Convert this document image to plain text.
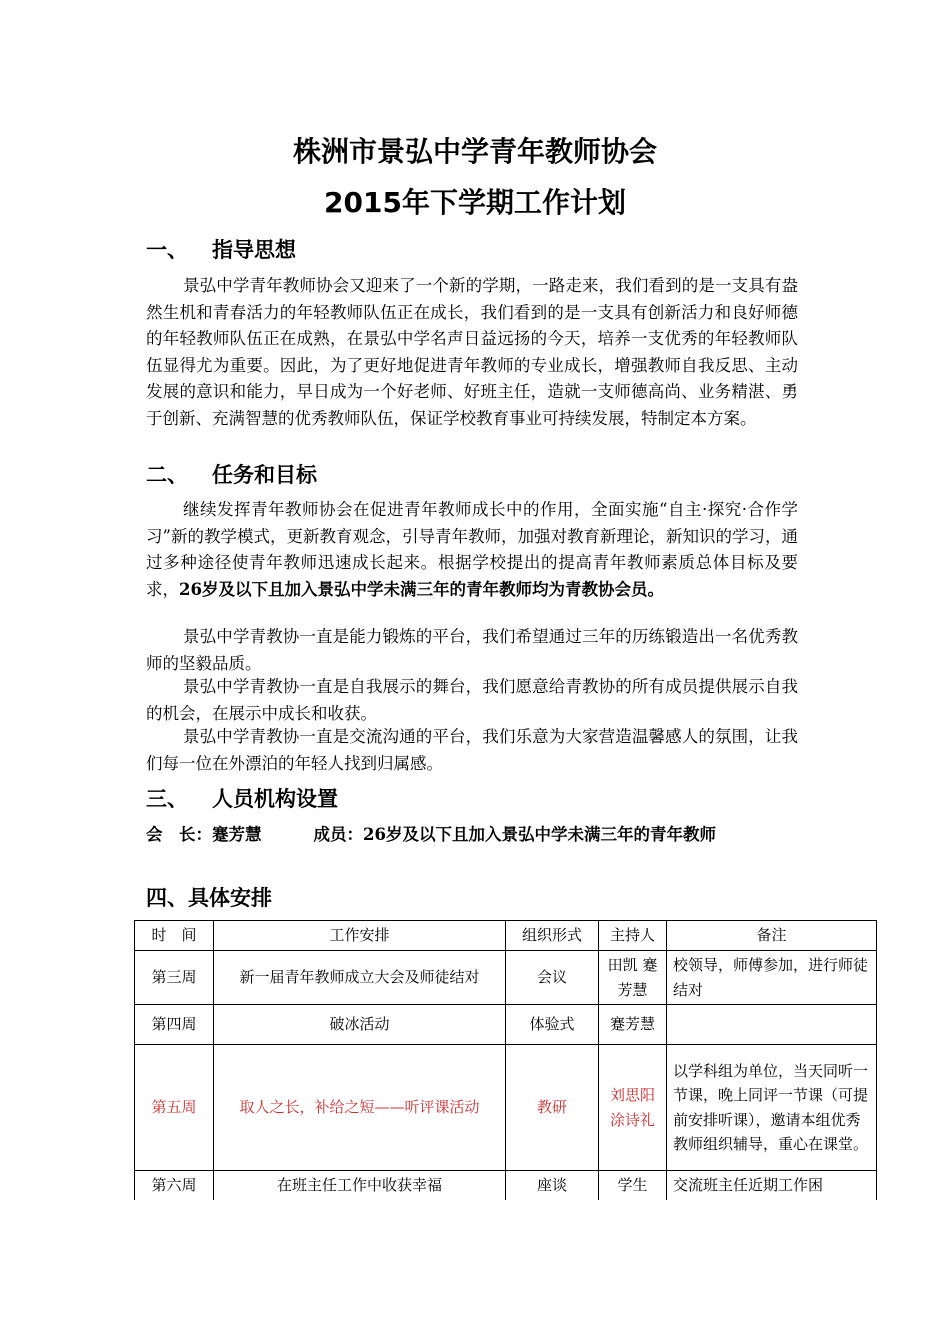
株洲市景弘中学青年教师协会
2015年下学期工作计划
一、 指导思想

景弘中学青年教师协会又迎来了一个新的学期，一路走来，我们看到的是一支具有盎然生机和青春活力的年轻教师队伍正在成长，我们看到的是一支具有创新活力和良好师德的年轻教师队伍正在成熟，在景弘中学名声日益远扬的今天，培养一支优秀的年轻教师队伍显得尤为重要。因此，为了更好地促进青年教师的专业成长，增强教师自我反思、主动发展的意识和能力，早日成为一个好老师、好班主任，造就一支师德高尚、业务精湛、勇于创新、充满智慧的优秀教师队伍，保证学校教育事业可持续发展，特制定本方案。

二、 任务和目标

继续发挥青年教师协会在促进青年教师成长中的作用，全面实施“自主·探究·合作学习”新的教学模式，更新教育观念，引导青年教师，加强对教育新理论，新知识的学习，通过多种途径使青年教师迅速成长起来。根据学校提出的提高青年教师素质总体目标及要求，26岁及以下且加入景弘中学未满三年的青年教师均为青教协会员。

景弘中学青教协一直是能力锻炼的平台，我们希望通过三年的历练锻造出一名优秀教师的坚毅品质。

景弘中学青教协一直是自我展示的舞台，我们愿意给青教协的所有成员提供展示自我的机会，在展示中成长和收获。

景弘中学青教协一直是交流沟通的平台，我们乐意为大家营造温馨感人的氛围，让我们每一位在外漂泊的年轻人找到归属感。

三、 人员机构设置
会　长：蹇芳慧	成员：26岁及以下且加入景弘中学未满三年的青年教师
四、具体安排
时　间	工作安排	组织形式	主持人	备注
第三周	新一届青年教师成立大会及师徒结对	会议	田凯 蹇芳慧	校领导，师傅参加，进行师徒结对
第四周	破冰活动	体验式	蹇芳慧	
第五周	取人之长，补给之短——听评课活动	教研	刘思阳 涂诗礼	以学科组为单位，当天同听一节课，晚上同评一节课（可提前安排听课），邀请本组优秀教师组织辅导，重心在课堂。
第六周	在班主任工作中收获幸福	座谈	学生	交流班主任近期工作困
